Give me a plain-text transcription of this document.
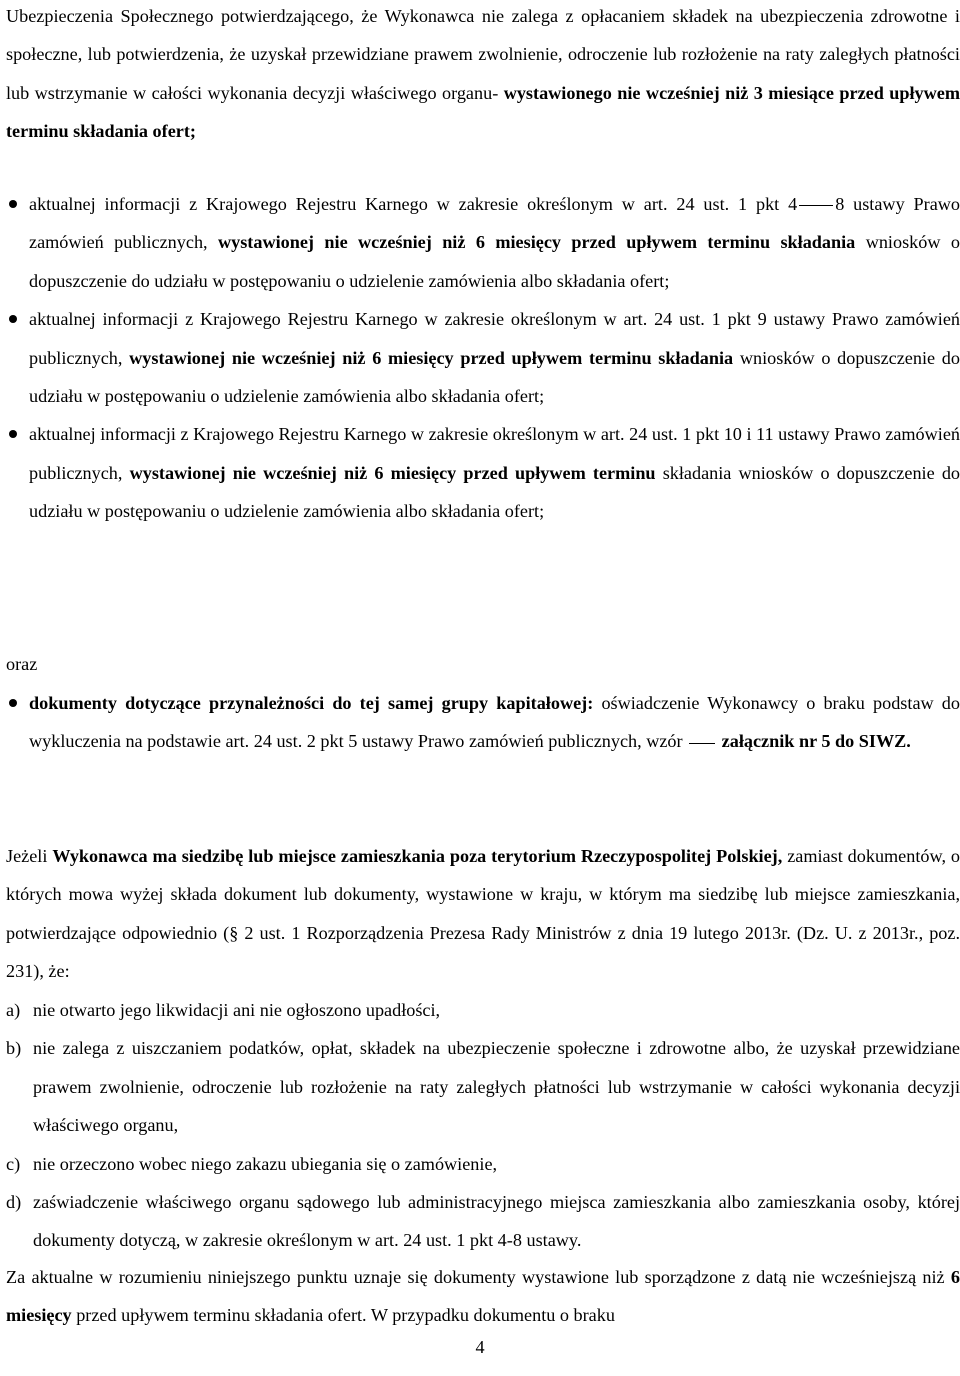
Ubezpieczenia Społecznego potwierdzającego, że Wykonawca nie zalega z opłacaniem składek na ubezpieczenia zdrowotne i społeczne, lub potwierdzenia, że uzyskał przewidziane prawem zwolnienie, odroczenie lub rozłożenie na raty zaległych płatności lub wstrzymanie w całości wykonania decyzji właściwego organu- wystawionego nie wcześniej niż 3 miesiące przed upływem terminu składania ofert;
aktualnej informacji z Krajowego Rejestru Karnego w zakresie określonym w art. 24 ust. 1 pkt 4 8 ustawy Prawo zamówień publicznych, wystawionej nie wcześniej niż 6 miesięcy przed upływem terminu składania wniosków o dopuszczenie do udziału w postępowaniu o udzielenie zamówienia albo składania ofert;
aktualnej informacji z Krajowego Rejestru Karnego w zakresie określonym w art. 24 ust. 1 pkt 9 ustawy Prawo zamówień publicznych, wystawionej nie wcześniej niż 6 miesięcy przed upływem terminu składania wniosków o dopuszczenie do udziału w postępowaniu o udzielenie zamówienia albo składania ofert;
aktualnej informacji z Krajowego Rejestru Karnego w zakresie określonym w art. 24 ust. 1 pkt 10 i 11 ustawy Prawo zamówień publicznych, wystawionej nie wcześniej niż 6 miesięcy przed upływem terminu składania wniosków o dopuszczenie do udziału w postępowaniu o udzielenie zamówienia albo składania ofert;
oraz
dokumenty dotyczące przynależności do tej samej grupy kapitałowej: oświadczenie Wykonawcy o braku podstaw do wykluczenia na podstawie art. 24 ust. 2 pkt 5 ustawy Prawo zamówień publicznych, wzór  załącznik nr 5 do SIWZ.
Jeżeli Wykonawca ma siedzibę lub miejsce zamieszkania poza terytorium Rzeczypospolitej Polskiej, zamiast dokumentów, o których mowa wyżej składa dokument lub dokumenty, wystawione w kraju, w którym ma siedzibę lub miejsce zamieszkania, potwierdzające odpowiednio (§ 2 ust. 1 Rozporządzenia Prezesa Rady Ministrów z dnia 19 lutego 2013r. (Dz. U. z 2013r., poz. 231), że:
a) nie otwarto jego likwidacji ani nie ogłoszono upadłości,
b) nie zalega z uiszczaniem podatków, opłat, składek na ubezpieczenie społeczne i zdrowotne albo, że uzyskał przewidziane prawem zwolnienie, odroczenie lub rozłożenie na raty zaległych płatności lub wstrzymanie w całości wykonania decyzji właściwego organu,
c) nie orzeczono wobec niego zakazu ubiegania się o zamówienie,
d) zaświadczenie właściwego organu sądowego lub administracyjnego miejsca zamieszkania albo zamieszkania osoby, której dokumenty dotyczą, w zakresie określonym w art. 24 ust. 1 pkt 4-8 ustawy.
Za aktualne w rozumieniu niniejszego punktu uznaje się dokumenty wystawione lub sporządzone z datą nie wcześniejszą niż 6 miesięcy przed upływem terminu składania ofert. W przypadku dokumentu o braku
4
